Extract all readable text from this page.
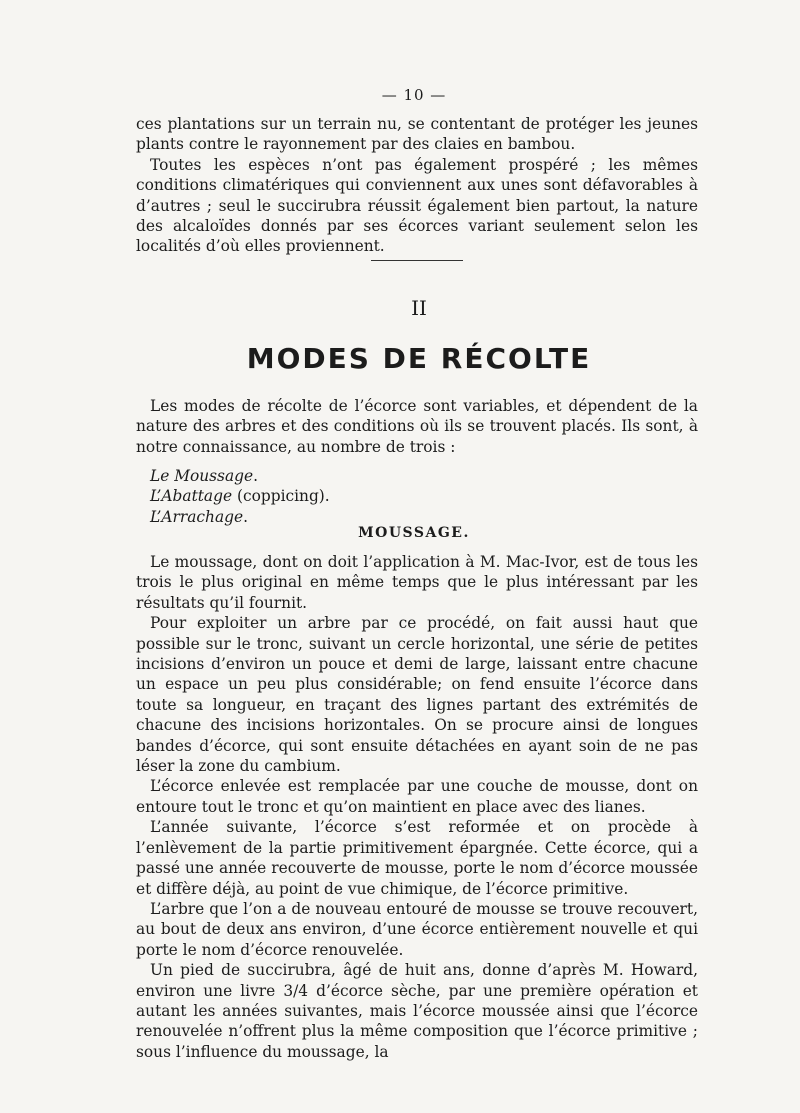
— 10 —

ces plantations sur un terrain nu, se contentant de protéger les jeunes plants contre le rayonnement par des claies en bambou.

Toutes les espèces n’ont pas également prospéré ; les mêmes conditions climatériques qui conviennent aux unes sont défavorables à d’autres ; seul le succirubra réussit également bien partout, la nature des alcaloïdes donnés par ses écorces variant seulement selon les localités d’où elles proviennent.

II
MODES DE RÉCOLTE

Les modes de récolte de l’écorce sont variables, et dépendent de la nature des arbres et des conditions où ils se trouvent placés. Ils sont, à notre connaissance, au nombre de trois :

Le Moussage.
L’Abattage (coppicing).
L’Arrachage.
MOUSSAGE.

Le moussage, dont on doit l’application à M. Mac-Ivor, est de tous les trois le plus original en même temps que le plus intéressant par les résultats qu’il fournit.

Pour exploiter un arbre par ce procédé, on fait aussi haut que possible sur le tronc, suivant un cercle horizontal, une série de petites incisions d’environ un pouce et demi de large, laissant entre chacune un espace un peu plus considérable; on fend ensuite l’écorce dans toute sa longueur, en traçant des lignes partant des extrémités de chacune des incisions horizontales. On se procure ainsi de longues bandes d’écorce, qui sont ensuite détachées en ayant soin de ne pas léser la zone du cambium.

L’écorce enlevée est remplacée par une couche de mousse, dont on entoure tout le tronc et qu’on maintient en place avec des lianes.

L’année suivante, l’écorce s’est reformée et on procède à l’enlèvement de la partie primitivement épargnée. Cette écorce, qui a passé une année recouverte de mousse, porte le nom d’écorce moussée et diffère déjà, au point de vue chimique, de l’écorce primitive.

L’arbre que l’on a de nouveau entouré de mousse se trouve recouvert, au bout de deux ans environ, d’une écorce entièrement nouvelle et qui porte le nom d’écorce renouvelée.

Un pied de succirubra, âgé de huit ans, donne d’après M. Howard, environ une livre 3/4 d’écorce sèche, par une première opération et autant les années suivantes, mais l’écorce moussée ainsi que l’écorce renouvelée n’offrent plus la même composition que l’écorce primitive ; sous l’influence du moussage, la
